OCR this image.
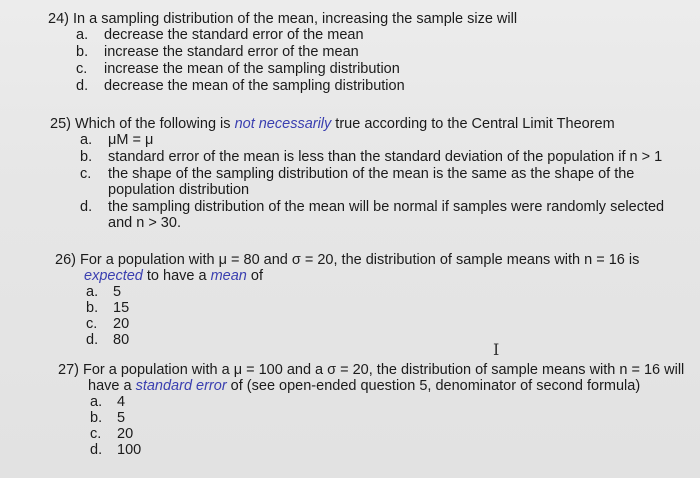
24) In a sampling distribution of the mean, increasing the sample size will
a. decrease the standard error of the mean
b. increase the standard error of the mean
c. increase the mean of the sampling distribution
d. decrease the mean of the sampling distribution
25) Which of the following is not necessarily true according to the Central Limit Theorem
a. μM = μ
b. standard error of the mean is less than the standard deviation of the population if n > 1
c. the shape of the sampling distribution of the mean is the same as the shape of the
population distribution
d. the sampling distribution of the mean will be normal if samples were randomly selected
and n > 30.
26) For a population with μ = 80 and σ = 20, the distribution of sample means with n = 16 is
expected to have a mean of
a. 5
b. 15
c. 20
d. 80	I
27) For a population with a μ = 100 and a σ = 20, the distribution of sample means with n = 16 will
have a standard error of (see open-ended question 5, denominator of second formula)
a. 4
b. 5
c. 20
d. 100
